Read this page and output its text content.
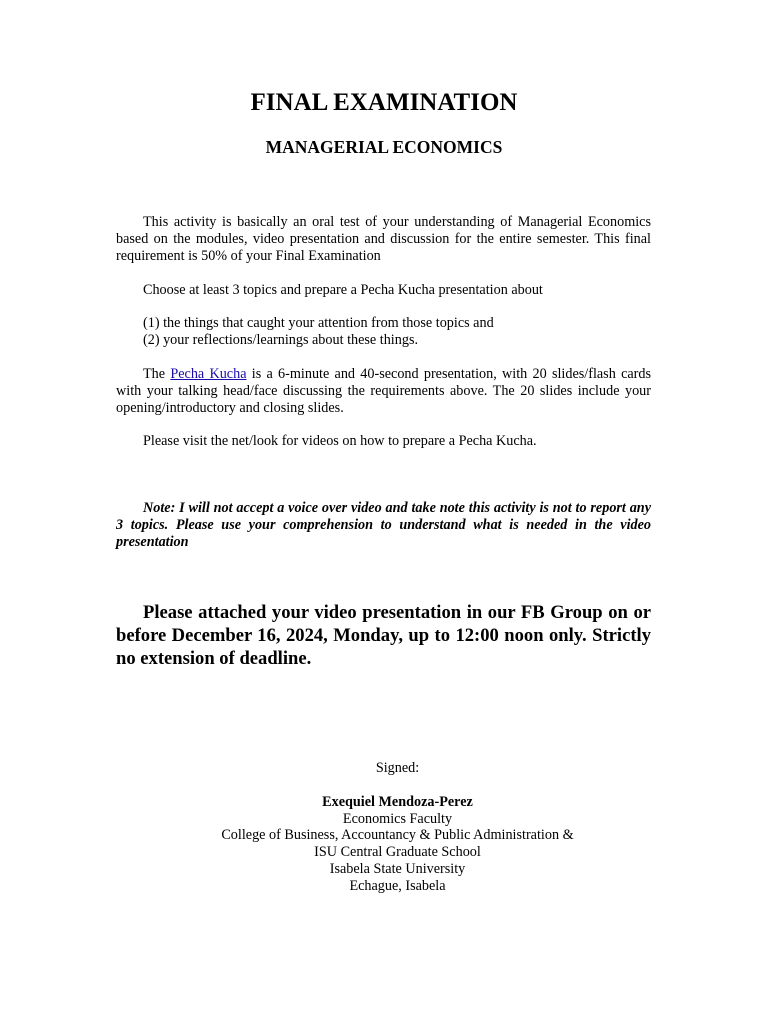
FINAL EXAMINATION
MANAGERIAL ECONOMICS

This activity is basically an oral test of your understanding of Managerial Economics based on the modules, video presentation and discussion for the entire semester. This final requirement is 50% of your Final Examination

Choose at least 3 topics and prepare a Pecha Kucha presentation about

(1) the things that caught your attention from those topics and
(2) your reflections/learnings about these things.

The Pecha Kucha is a 6-minute and 40-second presentation, with 20 slides/flash cards with your talking head/face discussing the requirements above. The 20 slides include your opening/introductory and closing slides.

Please visit the net/look for videos on how to prepare a Pecha Kucha.

Note: I will not accept a voice over video and take note this activity is not to report any 3 topics. Please use your comprehension to understand what is needed in the video presentation

Please attached your video presentation in our FB Group on or before December 16, 2024, Monday, up to 12:00 noon only. Strictly no extension of deadline.

Signed:
Exequiel Mendoza-Perez
Economics Faculty
College of Business, Accountancy & Public Administration &
ISU Central Graduate School
Isabela State University
Echague, Isabela
